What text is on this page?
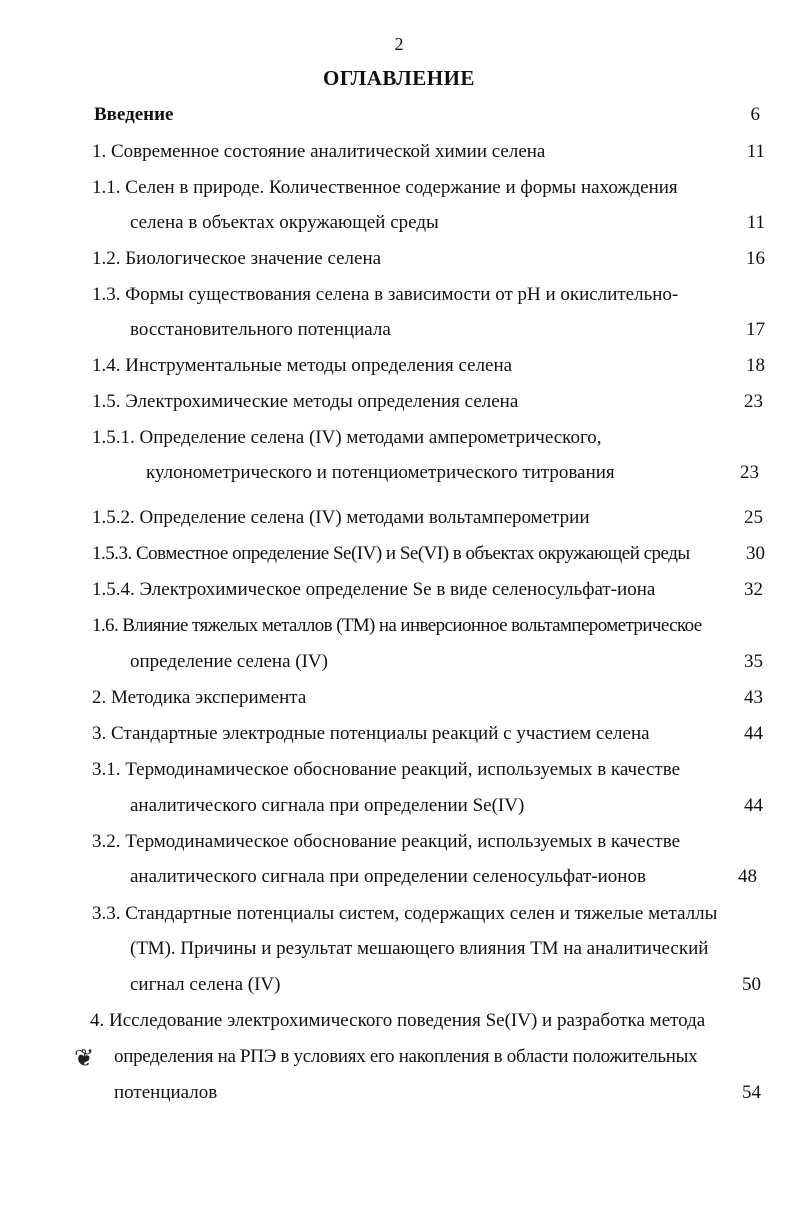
2
ОГЛАВЛЕНИЕ
Введение	6
1. Современное состояние аналитической химии селена	11
1.1. Селен в природе. Количественное содержание и формы нахождения
селена в объектах окружающей среды	11
1.2. Биологическое значение селена	16
1.3. Формы существования селена в зависимости от pH и окислительно-
восстановительного потенциала	17
1.4. Инструментальные методы определения селена	18
1.5. Электрохимические методы определения селена	23
1.5.1. Определение селена (IV) методами амперометрического,
кулонометрического и потенциометрического титрования	23
1.5.2. Определение селена (IV) методами вольтамперометрии	25
1.5.3. Совместное определение Se(IV) и Se(VI) в объектах окружающей среды	30
1.5.4. Электрохимическое определение Se в виде селеносульфат-иона	32
1.6. Влияние тяжелых металлов (ТМ) на инверсионное вольтамперометрическое
определение селена (IV)	35
2. Методика эксперимента	43
3. Стандартные электродные потенциалы реакций с участием селена	44
3.1. Термодинамическое обоснование реакций, используемых в качестве
аналитического сигнала при определении Se(IV)	44
3.2. Термодинамическое обоснование реакций, используемых в качестве
аналитического сигнала при определении селеносульфат-ионов	48
3.3. Стандартные потенциалы систем, содержащих селен и тяжелые металлы
(ТМ). Причины и результат мешающего влияния ТМ на аналитический
сигнал селена (IV)	50
4. Исследование электрохимического поведения Se(IV) и разработка метода
определения на РПЭ в условиях его накопления в области положительных
потенциалов	54
❦
